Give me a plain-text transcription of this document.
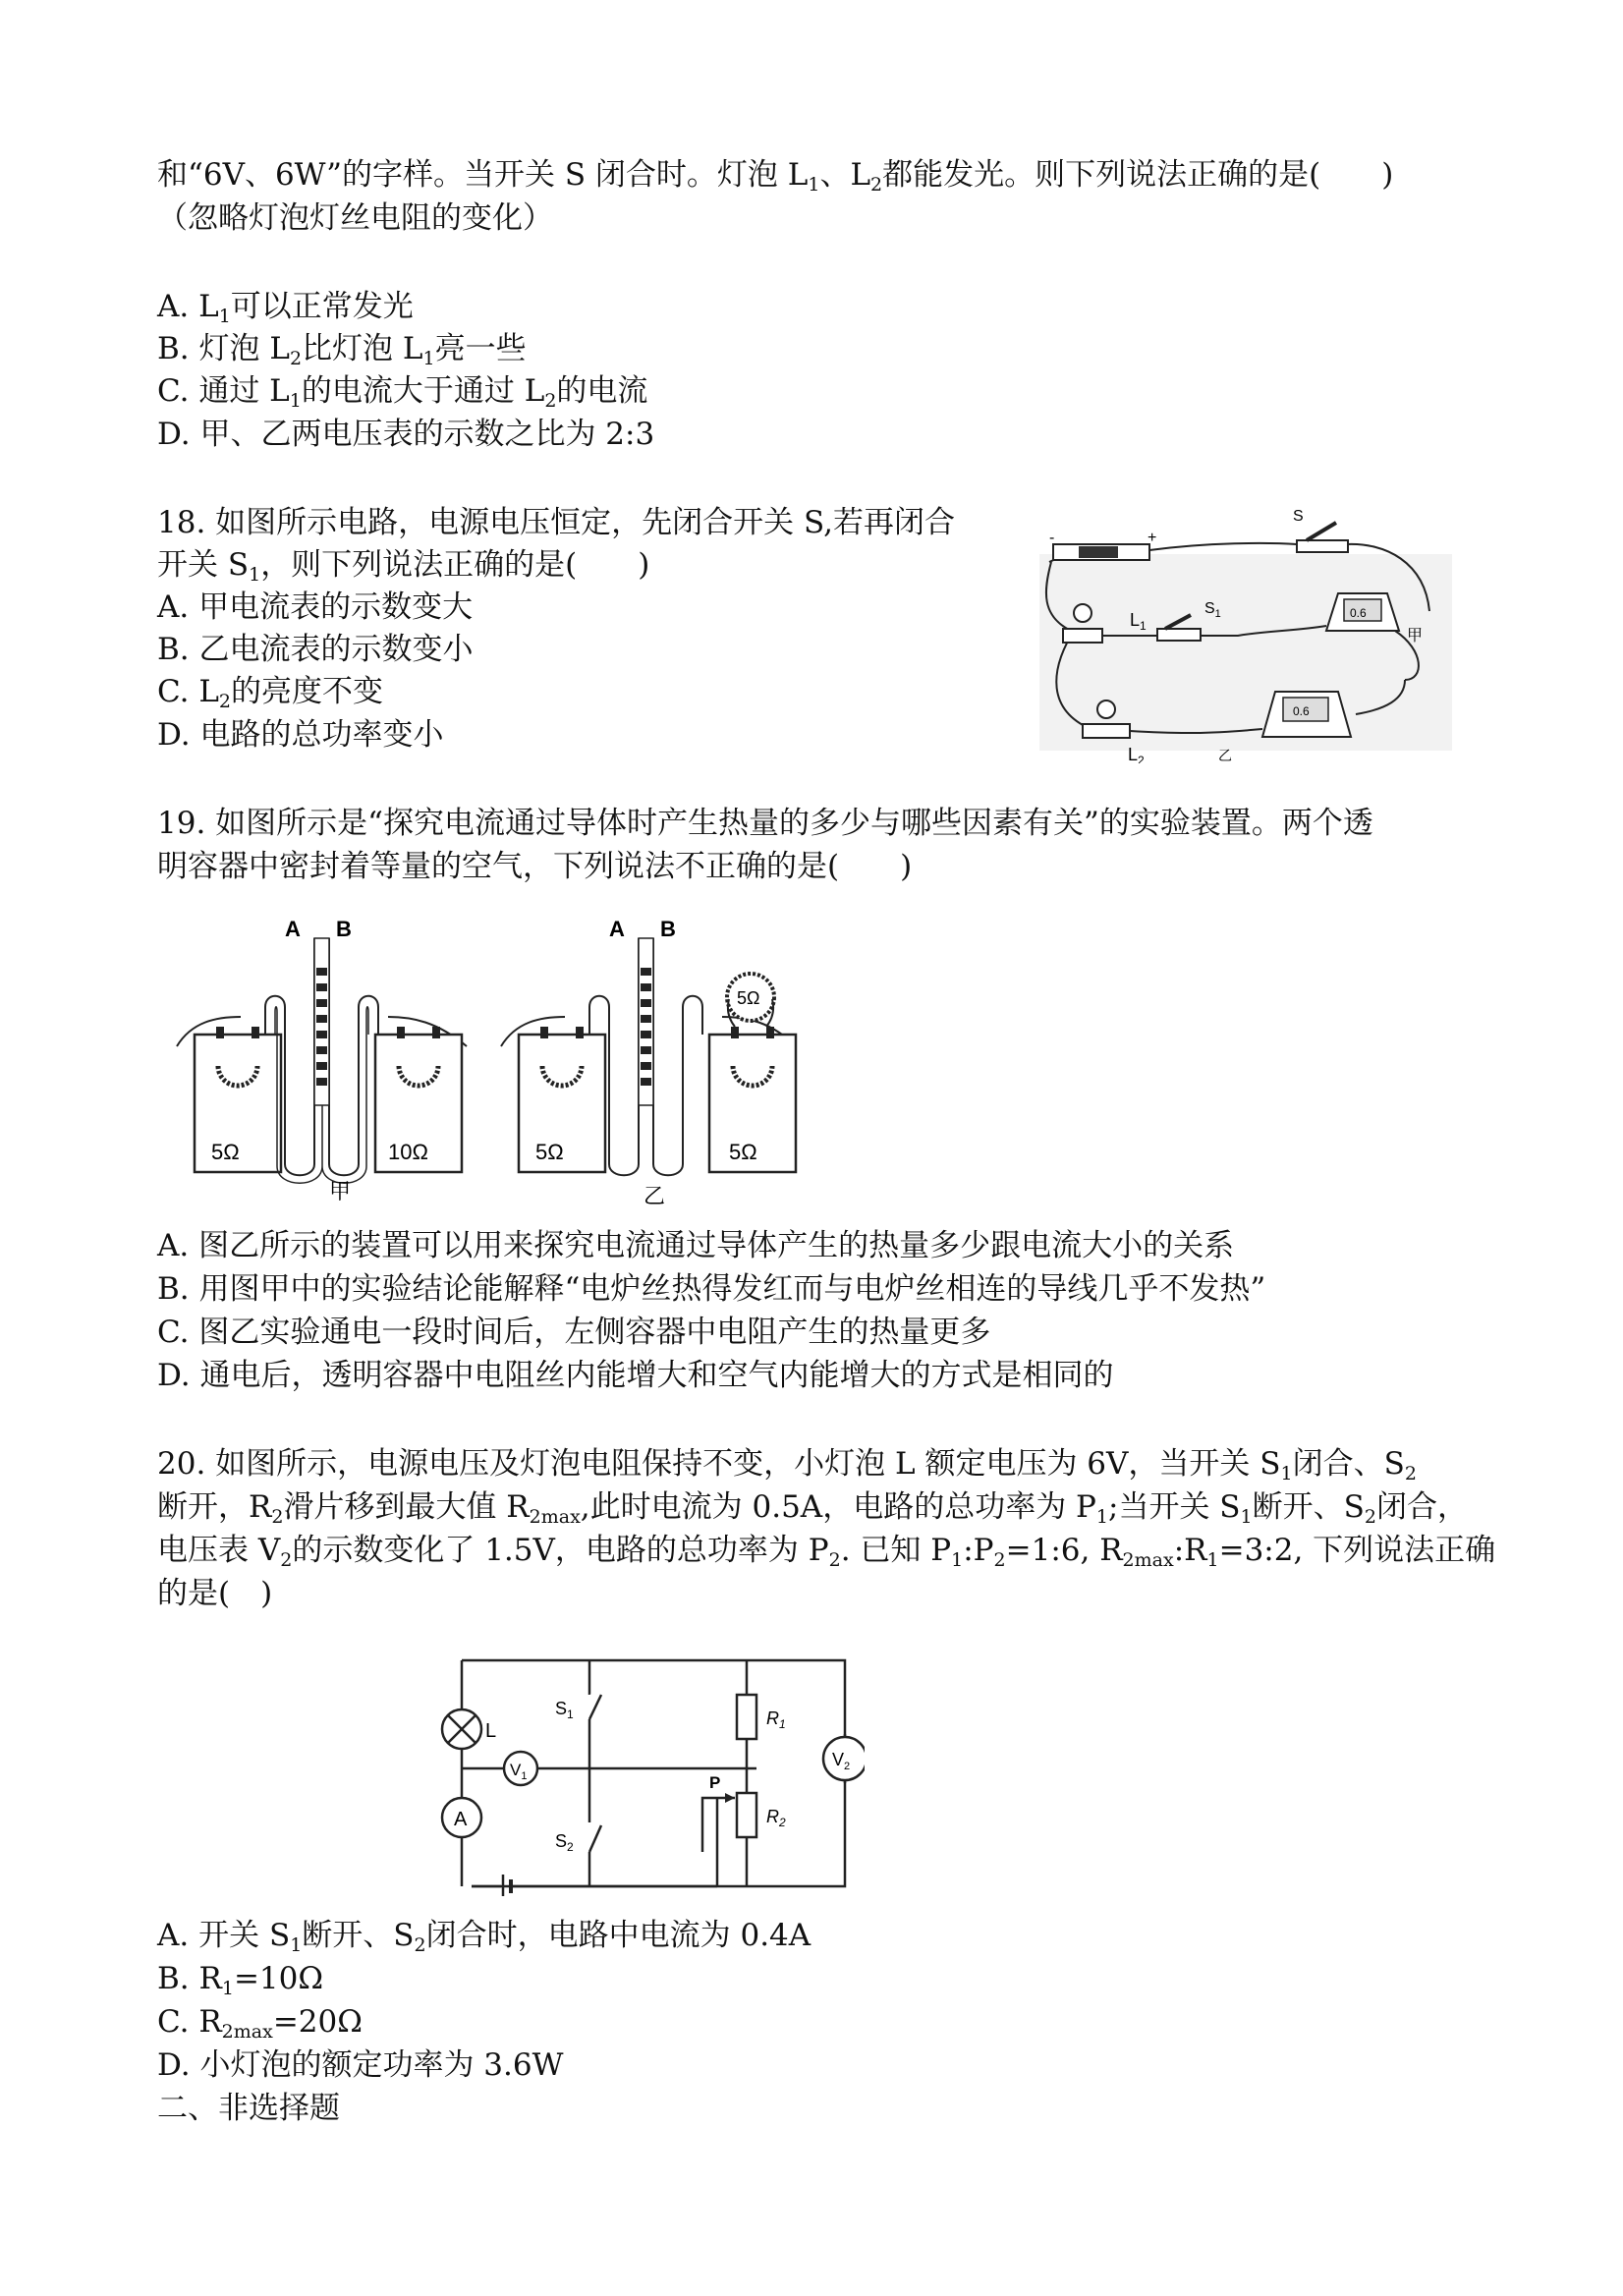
和“6V、6W”的字样。当开关 S 闭合时。灯泡 $L_1$、$L_2$都能发光。则下列说法正确的是(　　)
（忽略灯泡灯丝电阻的变化）
A. $L_1$可以正常发光
B. 灯泡 $L_2$比灯泡 $L_1$亮一些
C. 通过 $L_1$的电流大于通过 $L_2$的电流
D. 甲、乙两电压表的示数之比为 2:3
18. 如图所示电路，电源电压恒定，先闭合开关 S,若再闭合
开关 $S_1$，则下列说法正确的是(　　)
A. 甲电流表的示数变大
B. 乙电流表的示数变小
C. $L_2$的亮度不变
D. 电路的总功率变小
-	+
S
$L_1$
$S_1$	0.6
甲
$L_2$
0.6
乙
19. 如图所示是“探究电流通过导体时产生热量的多少与哪些因素有关”的实验装置。两个透
明容器中密封着等量的空气，下列说法不正确的是(　　)
A B
5Ω	10Ω
甲
A B
5Ω
5Ω	5Ω
乙
A. 图乙所示的装置可以用来探究电流通过导体产生的热量多少跟电流大小的关系
B. 用图甲中的实验结论能解释“电炉丝热得发红而与电炉丝相连的导线几乎不发热”
C. 图乙实验通电一段时间后，左侧容器中电阻产生的热量更多
D. 通电后，透明容器中电阻丝内能增大和空气内能增大的方式是相同的
20. 如图所示，电源电压及灯泡电阻保持不变，小灯泡 L 额定电压为 6V，当开关 $S_1$闭合、$S_2$
断开，$R_2$滑片移到最大值 $R_{2max}$,此时电流为 0.5A，电路的总功率为 $P_1$;当开关 $S_1$断开、$S_2$闭合，
电压表 $V_2$的示数变化了 1.5V，电路的总功率为 $P_2$. 已知 $P_1:P_2=1:6$, $R_{2max}:R_1=3:2$, 下列说法正确
的是(　)
L
$S_1$
$S_2$
$V_1$
A
$R_1$
P
$R_2$
$V_2$
A. 开关 $S_1$断开、$S_2$闭合时，电路中电流为 0.4A
B. $R_1=10\Omega$
C. $R_{2max}=20\Omega$
D. 小灯泡的额定功率为 3.6W
二、非选择题
